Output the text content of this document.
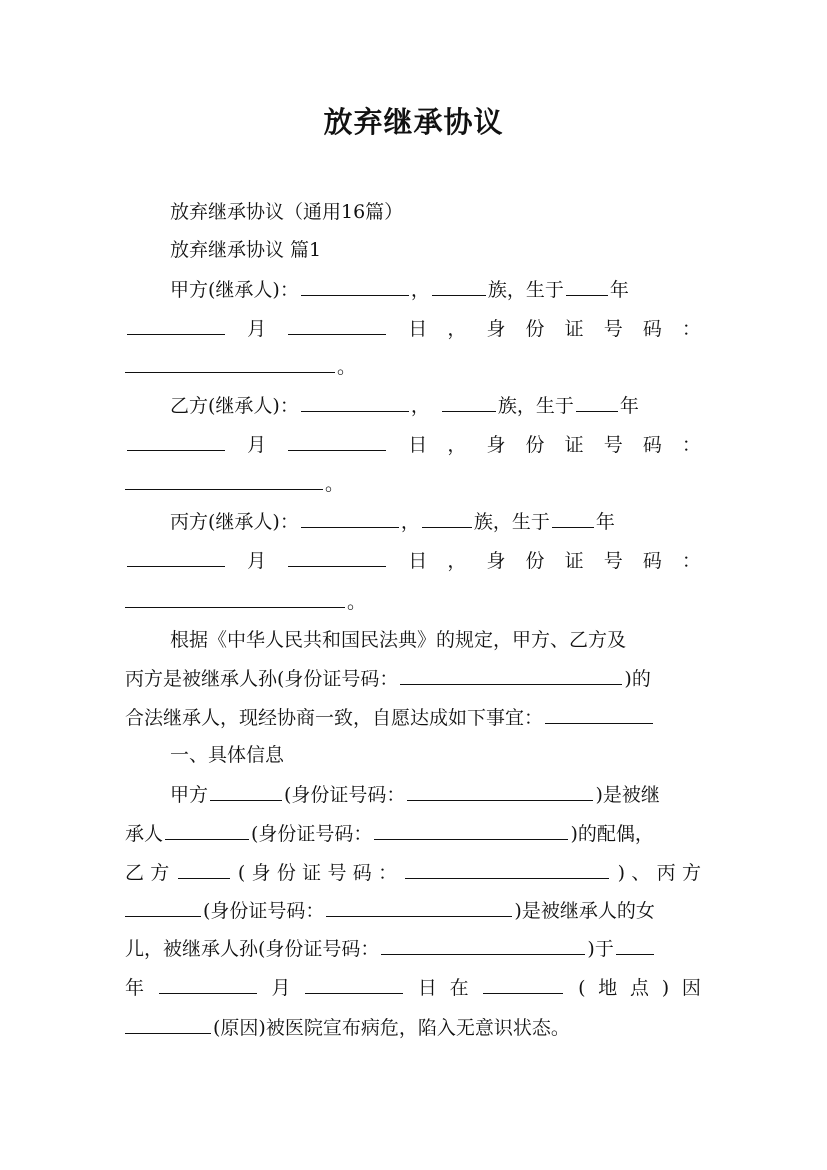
放弃继承协议
放弃继承协议（通用16篇）
放弃继承协议 篇1
甲方(继承人)：	，	族，生于 年
月	日 ， 身 份 证 号 码 ：
。
乙方(继承人)：	，	族，生于 年
月	日 ， 身 份 证 号 码 ：
。
丙方(继承人)：	，	族，生于 年
月	日 ， 身 份 证 号 码 ：
。
根据《中华人民共和国民法典》的规定，甲方、乙方及
丙方是被继承人孙(身份证号码：	)的
合法继承人，现经协商一致，自愿达成如下事宜：
一、具体信息
甲方	(身份证号码：	)是被继
承人	(身份证号码：	)的配偶，
乙 方	( 身 份 证 号 码 ：	) 、 丙 方
(身份证号码：	)是被继承人的女
儿，被继承人孙(身份证号码：	)于
年	月	日 在	( 地 点 ) 因
(原因)被医院宣布病危，陷入无意识状态。
